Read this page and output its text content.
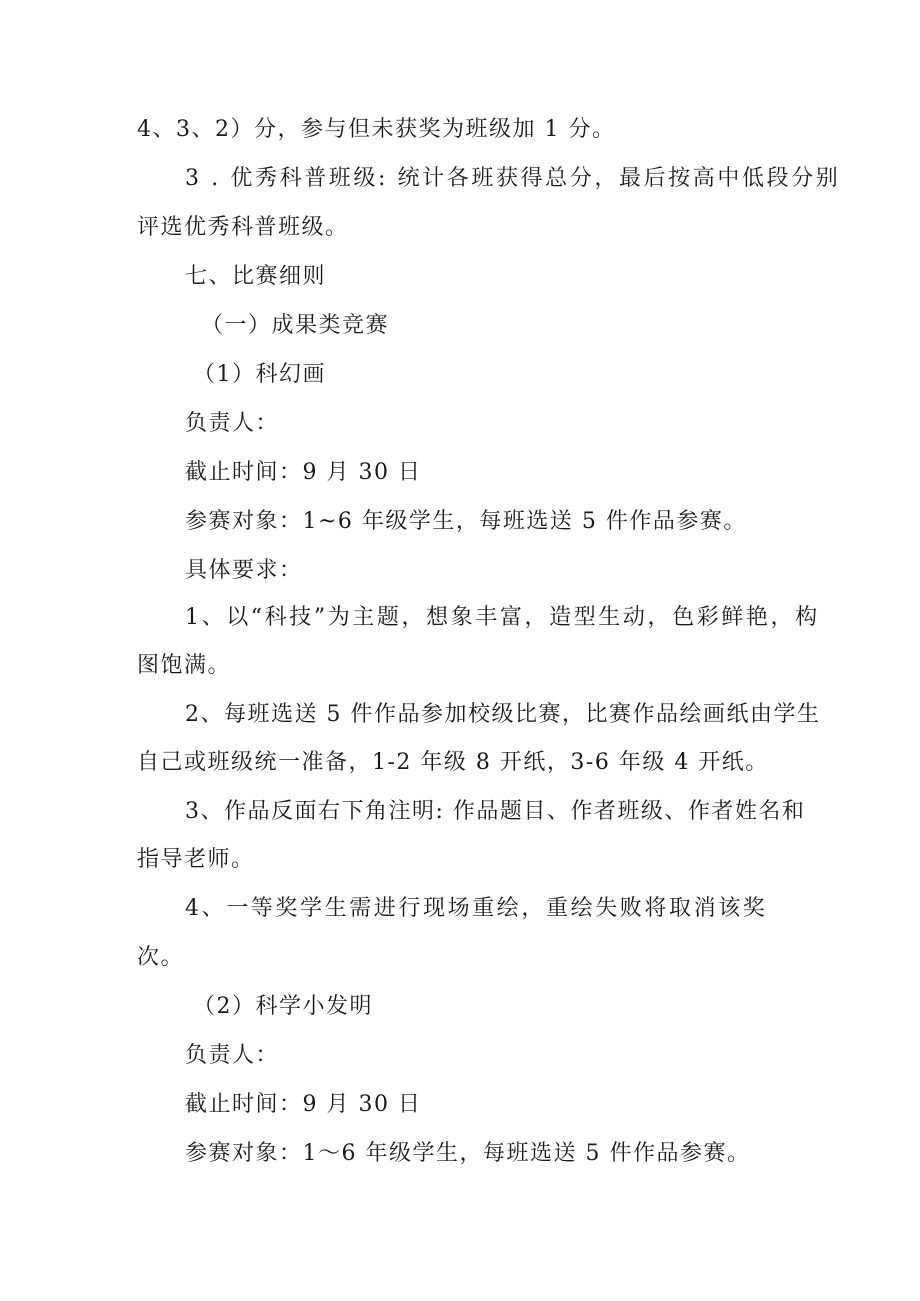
4、3、2）分，参与但未获奖为班级加 1 分。
3 . 优秀科普班级: 统计各班获得总分，最后按高中低段分别
评选优秀科普班级。
七、比赛细则
（一）成果类竞赛
（1）科幻画
负责人：
截止时间：9 月 30 日
参赛对象：1~6 年级学生，每班选送 5 件作品参赛。
具体要求：
1、以“科技”为主题，想象丰富，造型生动，色彩鲜艳，构
图饱满。
2、每班选送 5 件作品参加校级比赛，比赛作品绘画纸由学生
自己或班级统一准备，1-2 年级 8 开纸，3-6 年级 4 开纸。
3、作品反面右下角注明: 作品题目、作者班级、作者姓名和
指导老师。
4、一等奖学生需进行现场重绘，重绘失败将取消该奖
次。
（2）科学小发明
负责人：
截止时间：9 月 30 日
参赛对象：1～6 年级学生，每班选送 5 件作品参赛。
